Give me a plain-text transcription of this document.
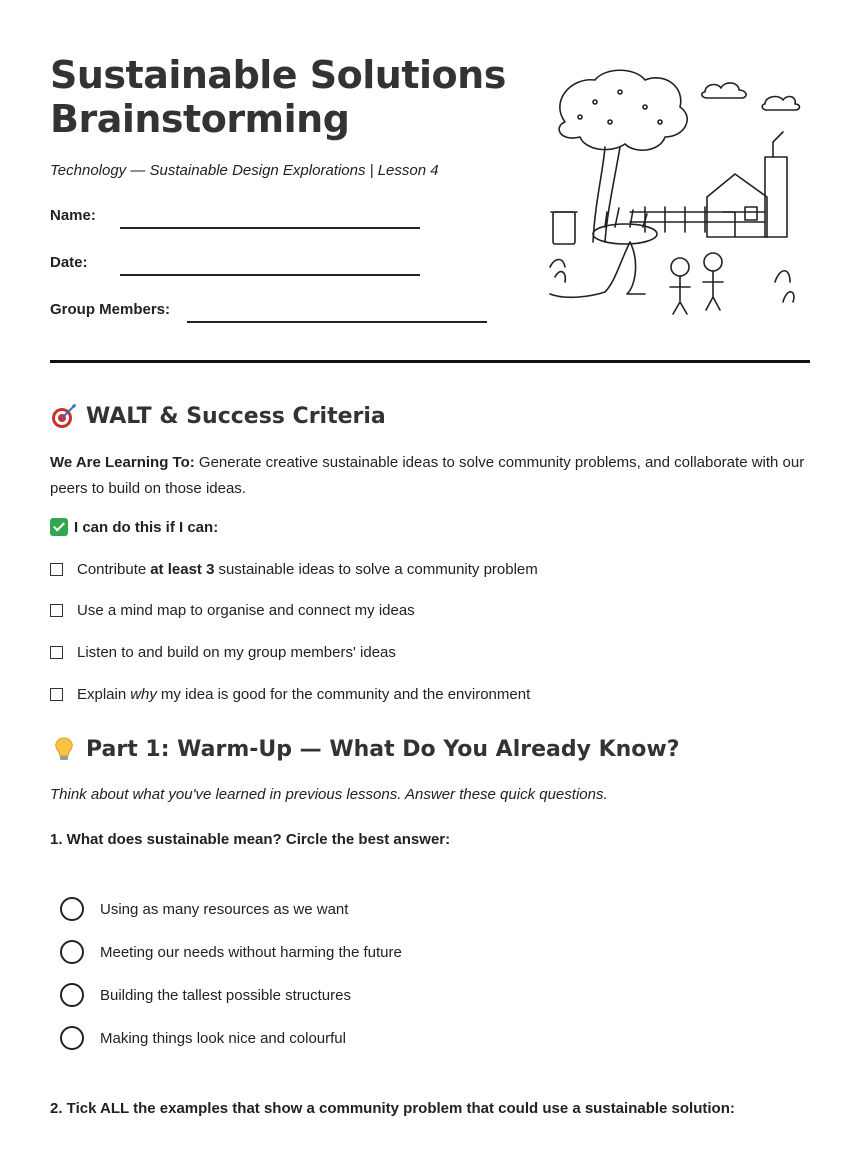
Sustainable Solutions
Brainstorming

Technology — Sustainable Design Explorations | Lesson 4

Name:
Date:
Group Members:
WALT & Success Criteria

We Are Learning To: Generate creative sustainable ideas to solve community problems, and collaborate with our peers to build on those ideas.

I can do this if I can:
Contribute at least 3 sustainable ideas to solve a community problem
Use a mind map to organise and connect my ideas
Listen to and build on my group members' ideas
Explain why my idea is good for the community and the environment
Part 1: Warm-Up — What Do You Already Know?

Think about what you've learned in previous lessons. Answer these quick questions.

1. What does sustainable mean? Circle the best answer:

Using as many resources as we want
Meeting our needs without harming the future
Building the tallest possible structures
Making things look nice and colourful

2. Tick ALL the examples that show a community problem that could use a sustainable solution:
